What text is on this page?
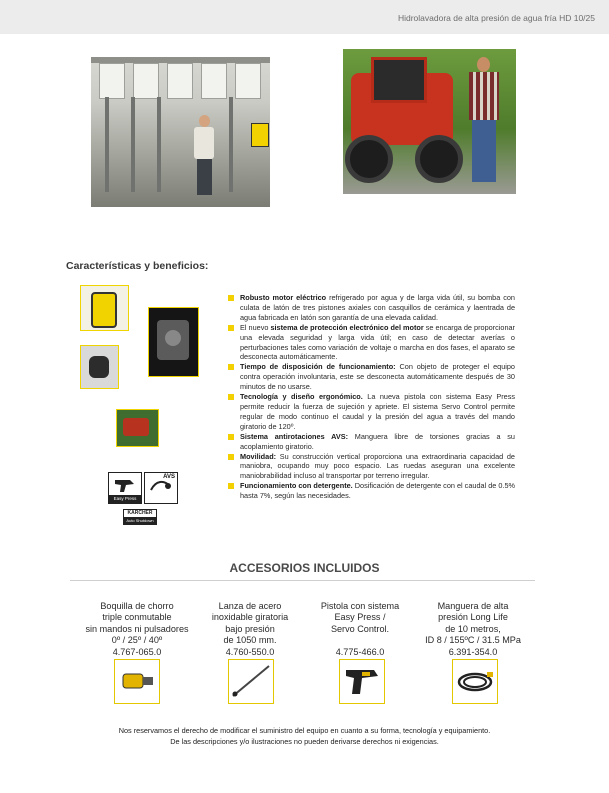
Hidrolavadora de alta presión de agua fría HD 10/25
Características y beneficios:
Easy Press
AVS
KÄRCHER
Auto Shutdown
Robusto motor eléctrico refrigerado por agua y de larga vida útil, su bomba con culata de latón de tres pistones axiales con casquillos de cerámica y laentrada de agua fabricada en latón son garantía de una elevada calidad.
El nuevo sistema de protección electrónico del motor se encarga de proporcionar una elevada seguridad y larga vida útil; en caso de detectar averías o perturbaciones tales como variación de voltaje o marcha en dos fases, el aparato se desconecta automáticamente.
Tiempo de disposición de funcionamiento: Con objeto de proteger el equipo contra operación involuntaria, este se desconecta automáticamente después de 30 minutos de no usarse.
Tecnología y diseño ergonómico. La nueva pistola con sistema Easy Press permite reducir la fuerza de sujeción y apriete. El sistema Servo Control permite regular de modo continuo el caudal y la presión del agua a través del mando giratorio de 120º.
Sistema antirotaciones AVS: Manguera libre de torsiones gracias a su acoplamiento giratorio.
Movilidad: Su construcción vertical proporciona una extraordinaria capacidad de maniobra, ocupando muy poco espacio. Las ruedas aseguran una excelente maniobrabilidad incluso al transportar por terreno irregular.
Funcionamiento con detergente. Dosificación de detergente con el caudal de 0.5% hasta 7%, según las necesidades.
ACCESORIOS INCLUIDOS
Boquilla de chorro
triple conmutable
sin mandos ni pulsadores
0º / 25º / 40º
4.767-065.0
Lanza de acero
inoxidable giratoria
bajo presión
de 1050 mm.
4.760-550.0
Pistola con sistema
Easy Press /
Servo Control.
4.775-466.0
Manguera de alta
presión Long Life
de 10 metros,
ID 8 / 155ºC / 31.5 MPa
6.391-354.0
Nos reservamos el derecho de modificar el suministro del equipo en cuanto a su forma, tecnología y equipamiento.
De las descripciones y/o ilustraciones no pueden derivarse derechos ni exigencias.
